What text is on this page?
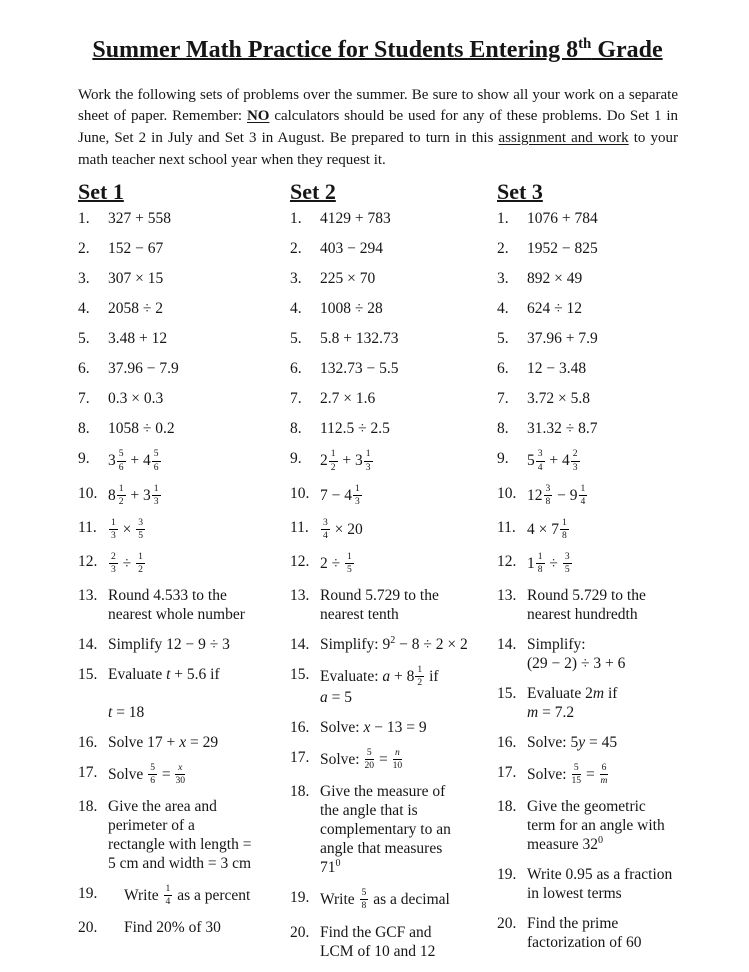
Summer Math Practice for Students Entering 8th Grade

Work the following sets of problems over the summer. Be sure to show all your work on a separate sheet of paper. Remember: NO calculators should be used for any of these problems. Do Set 1 in June, Set 2 in July and Set 3 in August. Be prepared to turn in this assignment and work to your math teacher next school year when they request it.

Set 1
1.	327 + 558
2.	152 − 67
3.	307 × 15
4.	2058 ÷ 2
5.	3.48 + 12
6.	37.96 − 7.9
7.	0.3 × 0.3
8.	1058 ÷ 0.2
9.	$3 \frac{5}{6} + 4 \frac{5}{6}$
10. $8 \frac{1}{2} + 3 \frac{1}{3}$
11.	$\frac{1}{3} \times \frac{3}{5}$
12.	$\frac{2}{3} \div \frac{1}{2}$
13. Round 4.533 to the
nearest whole number
14. Simplify 12 − 9 ÷ 3
15. Evaluate t + 5.6 if

t = 18
16. Solve 17 + x = 29
17. Solve $\frac{5}{6} = \frac{x}{30}$
18. Give the area and
perimeter of a
rectangle with length =
5 cm and width = 3 cm
19.	Write $\frac{1}{4}$ as a percent
20.	Find 20% of 30
Set 2
1.	4129 + 783
2.	403 − 294
3.	225 × 70
4.	1008 ÷ 28
5.	5.8 + 132.73
6.	132.73 − 5.5
7.	2.7 × 1.6
8.	112.5 ÷ 2.5
9.	$2 \frac{1}{2} + 3 \frac{1}{3}$
10. $7 - 4 \frac{1}{3}$
11.	$\frac{3}{4} \times 20$
12. $2 \div \frac{1}{5}$
13. Round 5.729 to the
nearest tenth
14. Simplify: $9^2 - 8 \div 2 \times 2$
15. Evaluate: $a + 8 \frac{1}{2}$ if
a = 5
16. Solve: x − 13 = 9
17. Solve: $\frac{5}{20} = \frac{n}{10}$
18. Give the measure of
the angle that is
complementary to an
angle that measures
$71^0$
19. Write $\frac{5}{8}$ as a decimal
20. Find the GCF and
LCM of 10 and 12
Set 3
1.	1076 + 784
2.	1952 − 825
3.	892 × 49
4.	624 ÷ 12
5.	37.96 + 7.9
6.	12 − 3.48
7.	3.72 × 5.8
8.	31.32 ÷ 8.7
9.	$5 \frac{3}{4} + 4 \frac{2}{3}$
10. $12 \frac{3}{8} - 9 \frac{1}{4}$
11. $4 \times 7 \frac{1}{8}$
12. $1 \frac{1}{8} \div \frac{3}{5}$
13. Round 5.729 to the
nearest hundredth
14. Simplify:
(29 − 2) ÷ 3 + 6
15. Evaluate 2m if
m = 7.2
16. Solve: 5y = 45
17. Solve: $\frac{5}{15} = \frac{6}{m}$
18. Give the geometric
term for an angle with
measure $32^0$
19. Write 0.95 as a fraction
in lowest terms
20. Find the prime
factorization of 60
